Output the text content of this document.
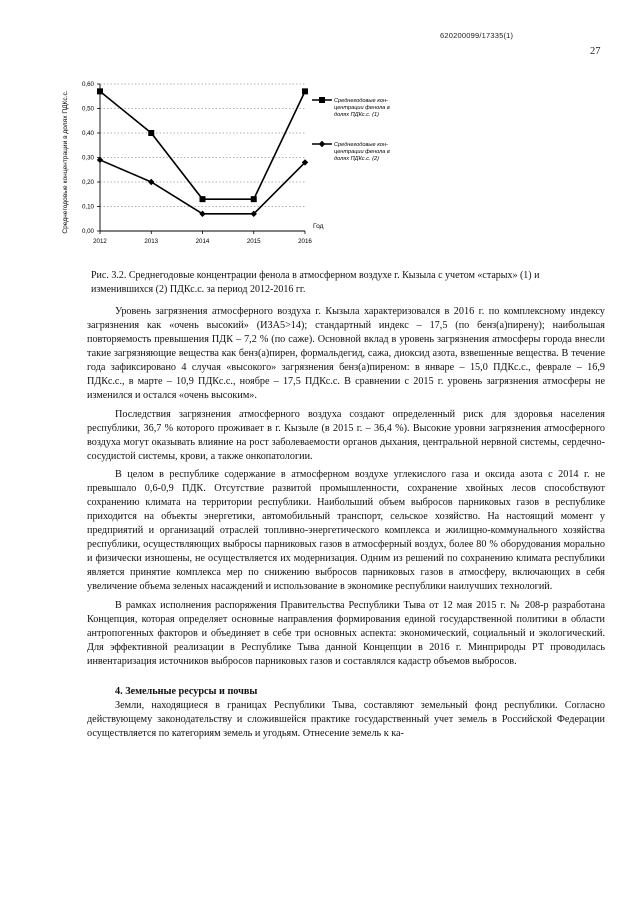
620200099/17335(1)
27
0,00
0,10
0,20
0,30
0,40
0,50
0,60
2012	2013	2014	2015	2016
Среднегодовые кон-
центрации фенола в
долях ПДКс.с. (1)
Среднегодовые кон-
центрации фенола в
долях ПДКс.с. (2)
Среднегодовые концентрации в долях ПДКс.с.	Год

Рис. 3.2. Среднегодовые концентрации фенола в атмосферном воздухе г. Кызыла с учетом «старых» (1) и изменившихся (2) ПДКс.с. за период 2012-2016 гг.

Уровень загрязнения атмосферного воздуха г. Кызыла характеризовался в 2016 г. по комплексному индексу загрязнения как «очень высокий» (ИЗА5>14); стандартный индекс – 17,5 (по бенз(а)пирену); наибольшая повторяемость превышения ПДК – 7,2 % (по саже). Основной вклад в уровень загрязнения атмосферы города внесли такие загрязняющие вещества как бенз(а)пирен, формальдегид, сажа, диоксид азота, взвешенные вещества. В течение года зафиксировано 4 случая «высокого» загрязнения бенз(а)пиреном: в январе – 15,0 ПДКс.с., феврале – 16,9 ПДКс.с., в марте – 10,9 ПДКс.с., ноябре – 17,5 ПДКс.с. В сравнении с 2015 г. уровень загрязнения атмосферы не изменился и остался «очень высоким».

Последствия загрязнения атмосферного воздуха создают определенный риск для здоровья населения республики, 36,7 % которого проживает в г. Кызыле (в 2015 г. – 36,4 %). Высокие уровни загрязнения атмосферного воздуха могут оказывать влияние на рост заболеваемости органов дыхания, центральной нервной системы, сердечно-сосудистой системы, крови, а также онкопатологии.

В целом в республике содержание в атмосферном воздухе углекислого газа и оксида азота с 2014 г. не превышало 0,6-0,9 ПДК. Отсутствие развитой промышленности, сохранение хвойных лесов способствуют сохранению климата на территории республики. Наибольший объем выбросов парниковых газов в республике приходится на объекты энергетики, автомобильный транспорт, сельское хозяйство. На настоящий момент у предприятий и организаций отраслей топливно-энергетического комплекса и жилищно-коммунального хозяйства республики, осуществляющих выбросы парниковых газов в атмосферный воздух, более 80 % оборудования морально и физически изношены, не осуществляется их модернизация. Одним из решений по сохранению климата республики является принятие комплекса мер по снижению выбросов парниковых газов в атмосферу, включающих в себя увеличение объема зеленых насаждений и использование в экономике республики наилучших технологий.

В рамках исполнения распоряжения Правительства Республики Тыва от 12 мая 2015 г. № 208-р разработана Концепция, которая определяет основные направления формирования единой государственной политики в области антропогенных факторов и объединяет в себе три основных аспекта: экономический, социальный и экологический. Для эффективной реализации в Республике Тыва данной Концепции в 2016 г. Минприроды РТ проводилась инвентаризация источников выбросов парниковых газов и составлялся кадастр объемов выбросов.

4. Земельные ресурсы и почвы

Земли, находящиеся в границах Республики Тыва, составляют земельный фонд республики. Согласно действующему законодательству и сложившейся практике государственный учет земель в Российской Федерации осуществляется по категориям земель и угодьям. Отнесение земель к ка-
